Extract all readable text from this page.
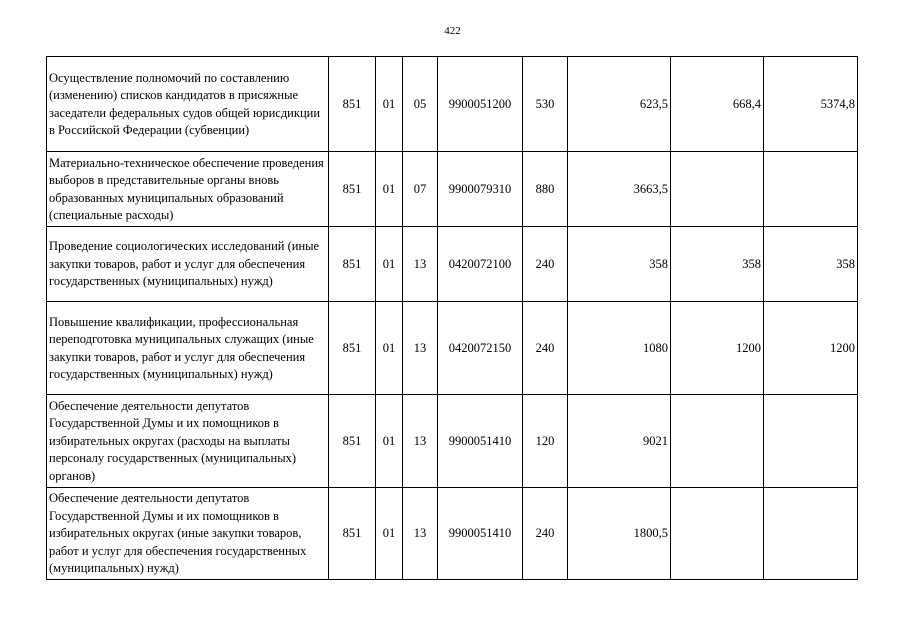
422
Осуществление полномочий по составлению (изменению) списков кандидатов в присяжные заседатели федеральных судов общей юрисдикции в Российской Федерации (субвенции)	851	01	05	9900051200	530	623,5	668,4	5374,8
Материально-техническое обеспечение проведения выборов в представительные органы вновь образованных муниципальных образований (специальные расходы)	851	01	07	9900079310	880	3663,5		
Проведение социологических исследований (иные закупки товаров, работ и услуг для обеспечения государственных (муниципальных) нужд)	851	01	13	0420072100	240	358	358	358
Повышение квалификации, профессиональная переподготовка муниципальных служащих (иные закупки товаров, работ и услуг для обеспечения государственных (муниципальных) нужд)	851	01	13	0420072150	240	1080	1200	1200
Обеспечение деятельности депутатов Государственной Думы и их помощников в избирательных округах (расходы на выплаты персоналу государственных (муниципальных) органов)	851	01	13	9900051410	120	9021		
Обеспечение деятельности депутатов Государственной Думы и их помощников в избирательных округах (иные закупки товаров, работ и услуг для обеспечения государственных (муниципальных) нужд)	851	01	13	9900051410	240	1800,5		
